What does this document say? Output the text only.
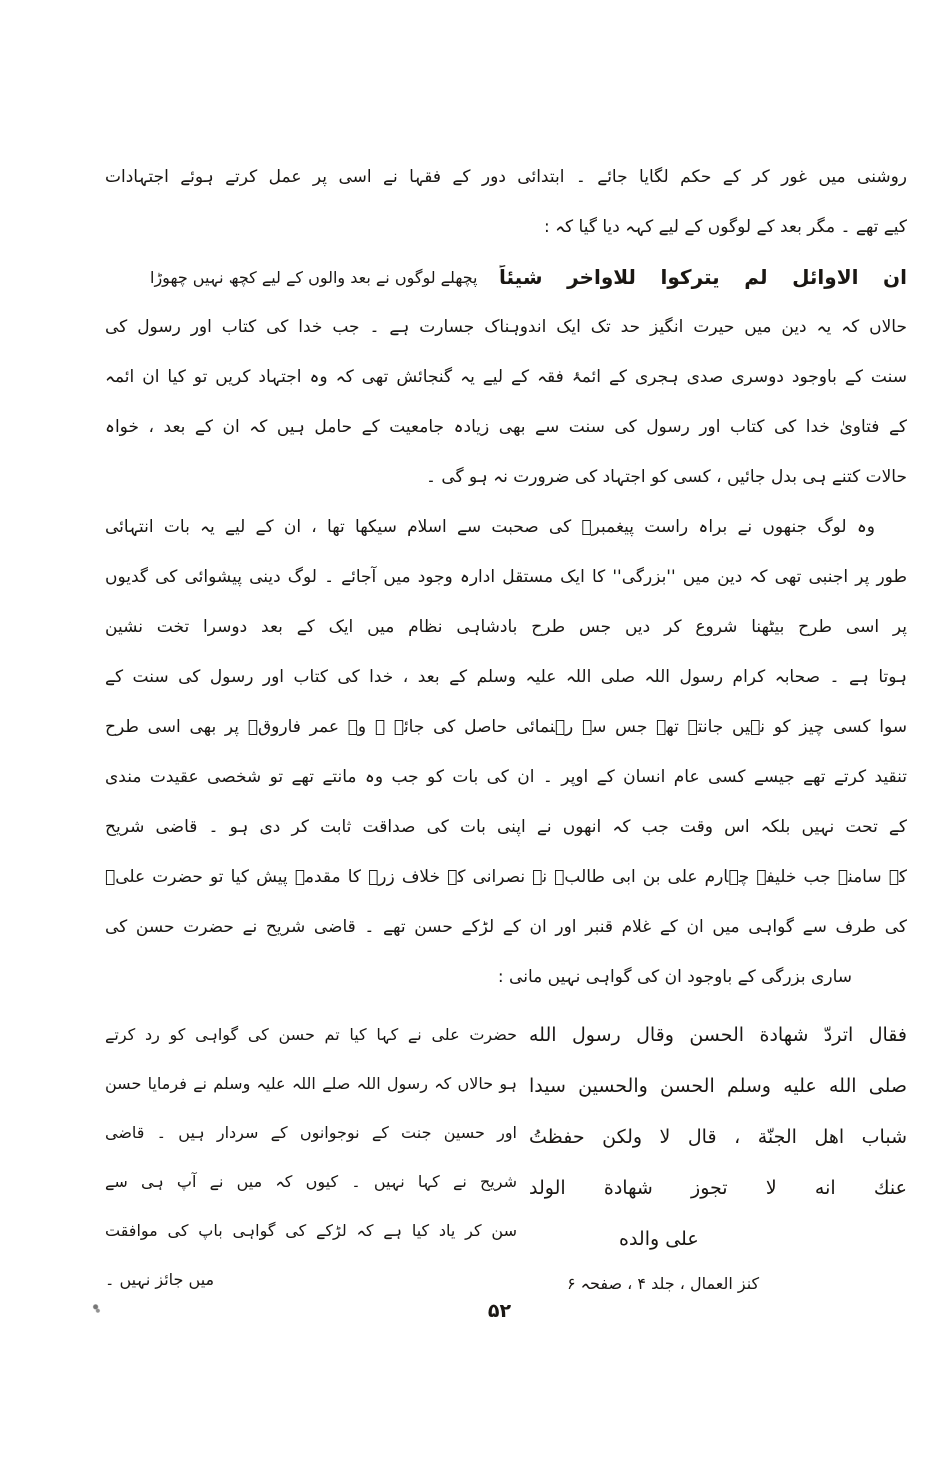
روشنی میں غور کر کے حکم لگایا جائے ۔ ابتدائی دور کے فقہا نے اسی پر عمل کرتے ہوئے اجتہادات
کیے تھے ۔ مگر بعد کے لوگوں کے لیے کہہ دیا گیا کہ :
ان الاوائل لم يتركوا للاواخر شيئاً
پچھلے لوگوں نے بعد والوں کے لیے کچھ نہیں چھوڑا
حالاں کہ یہ دین میں حیرت انگیز حد تک ایک اندوہناک جسارت ہے ۔ جب خدا کی کتاب اور رسول کی
سنت کے باوجود دوسری صدی ہجری کے ائمۂ فقہ کے لیے یہ گنجائش تھی کہ وہ اجتہاد کریں تو کیا ان ائمہ
کے فتاویٰ خدا کی کتاب اور رسول کی سنت سے بھی زیادہ جامعیت کے حامل ہیں کہ ان کے بعد ، خواہ
حالات کتنے ہی بدل جائیں ، کسی کو اجتہاد کی ضرورت نہ ہو گی ۔
وہ لوگ جنھوں نے براہ راست پیغمبرؐ کی صحبت سے اسلام سیکھا تھا ، ان کے لیے یہ بات انتہائی
طور پر اجنبی تھی کہ دین میں ''بزرگی'' کا ایک مستقل ادارہ وجود میں آجائے ۔ لوگ دینی پیشوائی کی گدیوں
پر اسی طرح بیٹھنا شروع کر دیں جس طرح بادشاہی نظام میں ایک کے بعد دوسرا تخت نشین
ہوتا ہے ۔ صحابہ کرام رسول اللہ صلی اللہ علیہ وسلم کے بعد ، خدا کی کتاب اور رسول کی سنت کے
سوا کسی چیز کو نہیں جانتے تھے جس سے رہنمائی حاصل کی جائے ۔ وہ عمر فاروقؓ پر بھی اسی طرح
تنقید کرتے تھے جیسے کسی عام انسان کے اوپر ۔ ان کی بات کو جب وہ مانتے تھے تو شخصی عقیدت مندی
کے تحت نہیں بلکہ اس وقت جب کہ انھوں نے اپنی بات کی صداقت ثابت کر دی ہو ۔ قاضی شریح
کے سامنے جب خلیفہ چہارم علی بن ابی طالبؓ نے نصرانی کے خلاف زرہ کا مقدمہ پیش کیا تو حضرت علیؓ
کی طرف سے گواہی میں ان کے غلام قنبر اور ان کے لڑکے حسن تھے ۔ قاضی شریح نے حضرت حسن کی
ساری بزرگی کے باوجود ان کی گواہی نہیں مانی :
فقال اتردّ شهادة الحسن وقال رسول الله
صلى الله عليه وسلم الحسن والحسين سيدا
شباب اهل الجنّة ، قال لا ولكن حفظتُ
عنك انه لا تجوز شهادة الولد
على والده
کنز العمال ، جلد ۴ ، صفحہ ۶
حضرت علی نے کہا کیا تم حسن کی گواہی کو رد کرتے
ہو حالاں کہ رسول اللہ صلے اللہ علیہ وسلم نے فرمایا حسن
اور حسین جنت کے نوجوانوں کے سردار ہیں ۔ قاضی
شریح نے کہا نہیں ۔ کیوں کہ میں نے آپ ہی سے
سن کر یاد کیا ہے کہ لڑکے کی گواہی باپ کی موافقت
میں جائز نہیں ۔
۵۲
